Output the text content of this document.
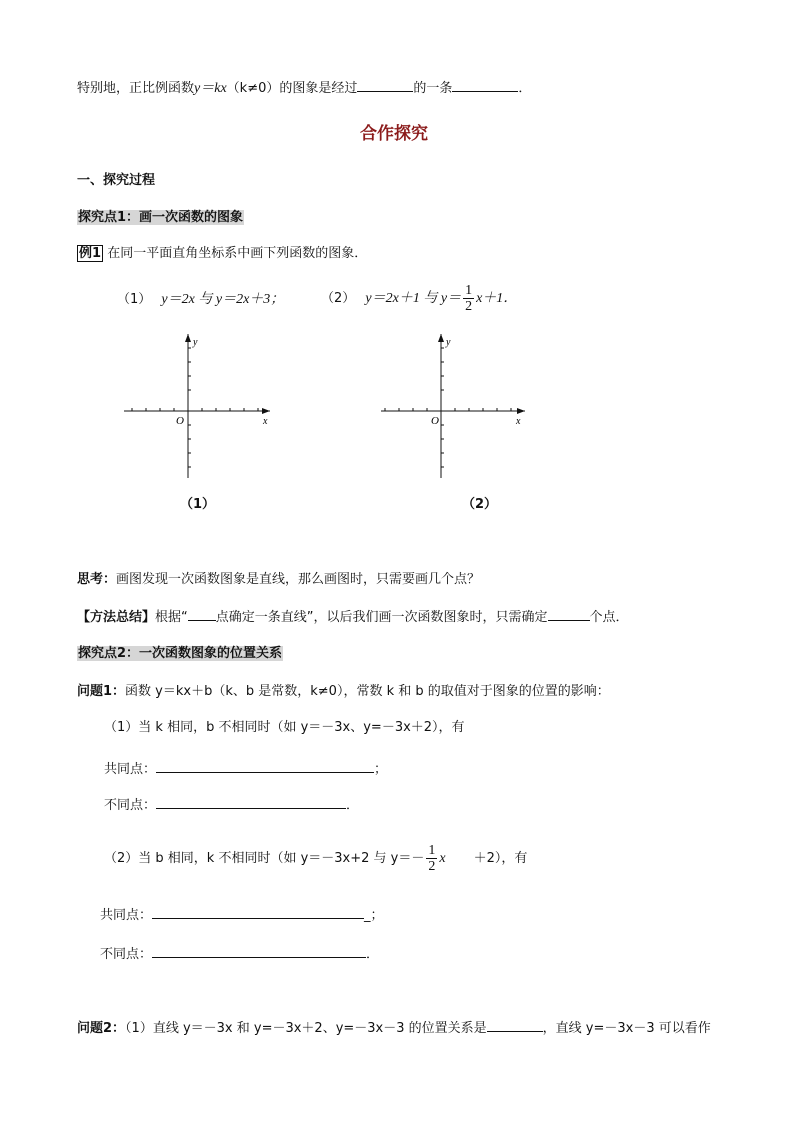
特别地，正比例函数y＝kx（k≠0）的图象是经过	的一条	．
合作探究
一、探究过程
探究点1：画一次函数的图象
例1 在同一平面直角坐标系中画下列函数的图象．
（1） y＝2x 与 y＝2x＋3；	（2） y＝2x＋1 与 $y= \frac{1}{2} x+1$．
y
x
O
y
x
O
（1）	（2）
思考：画图发现一次函数图象是直线，那么画图时，只需要画几个点？
【方法总结】根据“ 点确定一条直线”，以后我们画一次函数图象时，只需确定	个点．
探究点2：一次函数图象的位置关系
问题1：函数 y＝kx＋b（k、b 是常数，k≠0），常数 k 和 b 的取值对于图象的位置的影响：
（1）当 k 相同，b 不相同时（如 y＝－3x、y=－3x＋2），有
共同点：	；
不同点：	．
（2）当 b 相同，k 不相同时（如 y＝－3x+2 与 $y=- \frac{1}{2}$ x ＋2），有
共同点：	_；
不同点：	．
问题2：（1）直线 y＝－3x 和 y=－3x＋2、y=－3x－3 的位置关系是	，直线 y=－3x－3 可以看作
